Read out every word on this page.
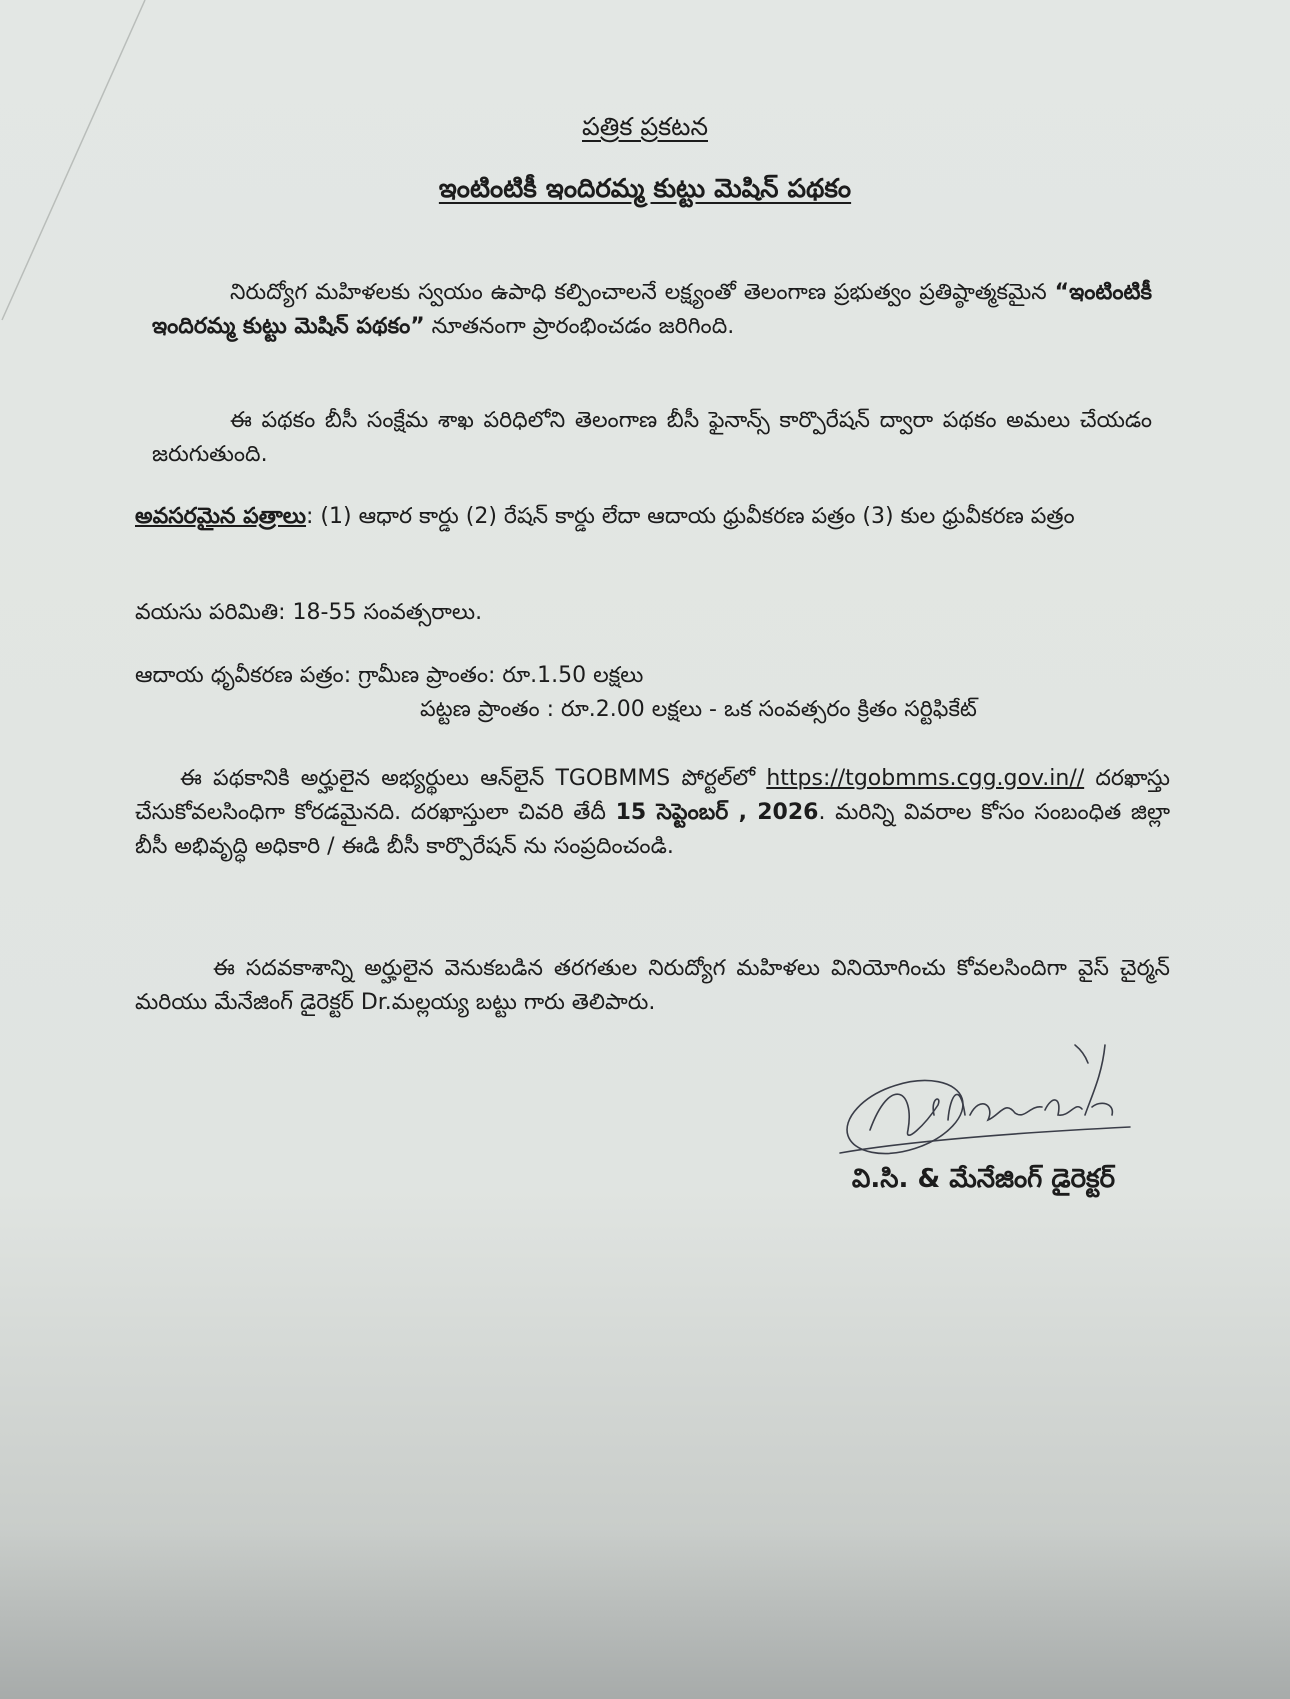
పత్రిక ప్రకటన
ఇంటింటికీ ఇందిరమ్మ కుట్టు మెషిన్ పథకం
నిరుద్యోగ మహిళలకు స్వయం ఉపాధి కల్పించాలనే లక్ష్యంతో తెలంగాణ ప్రభుత్వం ప్రతిష్ఠాత్మకమైన “ఇంటింటికీ ఇందిరమ్మ కుట్టు మెషిన్ పథకం” నూతనంగా ప్రారంభించడం జరిగింది.
ఈ పథకం బీసీ సంక్షేమ శాఖ పరిధిలోని తెలంగాణ బీసీ ఫైనాన్స్ కార్పొరేషన్ ద్వారా పథకం అమలు చేయడం జరుగుతుంది.
అవసరమైన పత్రాలు: (1) ఆధార కార్డు (2) రేషన్ కార్డు లేదా ఆదాయ ధ్రువీకరణ పత్రం (3) కుల ధ్రువీకరణ పత్రం
వయసు పరిమితి: 18-55 సంవత్సరాలు.
ఆదాయ ధృవీకరణ పత్రం: గ్రామీణ ప్రాంతం: రూ.1.50 లక్షలు
పట్టణ ప్రాంతం : రూ.2.00 లక్షలు - ఒక సంవత్సరం క్రితం సర్టిఫికేట్
ఈ పథకానికి అర్హులైన అభ్యర్థులు ఆన్‌లైన్ TGOBMMS పోర్టల్‌లో https://tgobmms.cgg.gov.in// దరఖాస్తు చేసుకోవలసింధిగా కోరడమైనది. దరఖాస్తులా చివరి తేదీ 15 సెప్టెంబర్ , 2026. మరిన్ని వివరాల కోసం సంబంధిత జిల్లా బీసీ అభివృద్ధి అధికారి / ఈడి బీసీ కార్పొరేషన్ ను సంప్రదించండి.
ఈ సదవకాశాన్ని అర్హులైన వెనుకబడిన తరగతుల నిరుద్యోగ మహిళలు వినియోగించు కోవలసిందిగా వైస్ చైర్మన్ మరియు మేనేజింగ్ డైరెక్టర్ Dr.మల్లయ్య బట్టు గారు తెలిపారు.
వి.సి. & మేనేజింగ్ డైరెక్టర్
